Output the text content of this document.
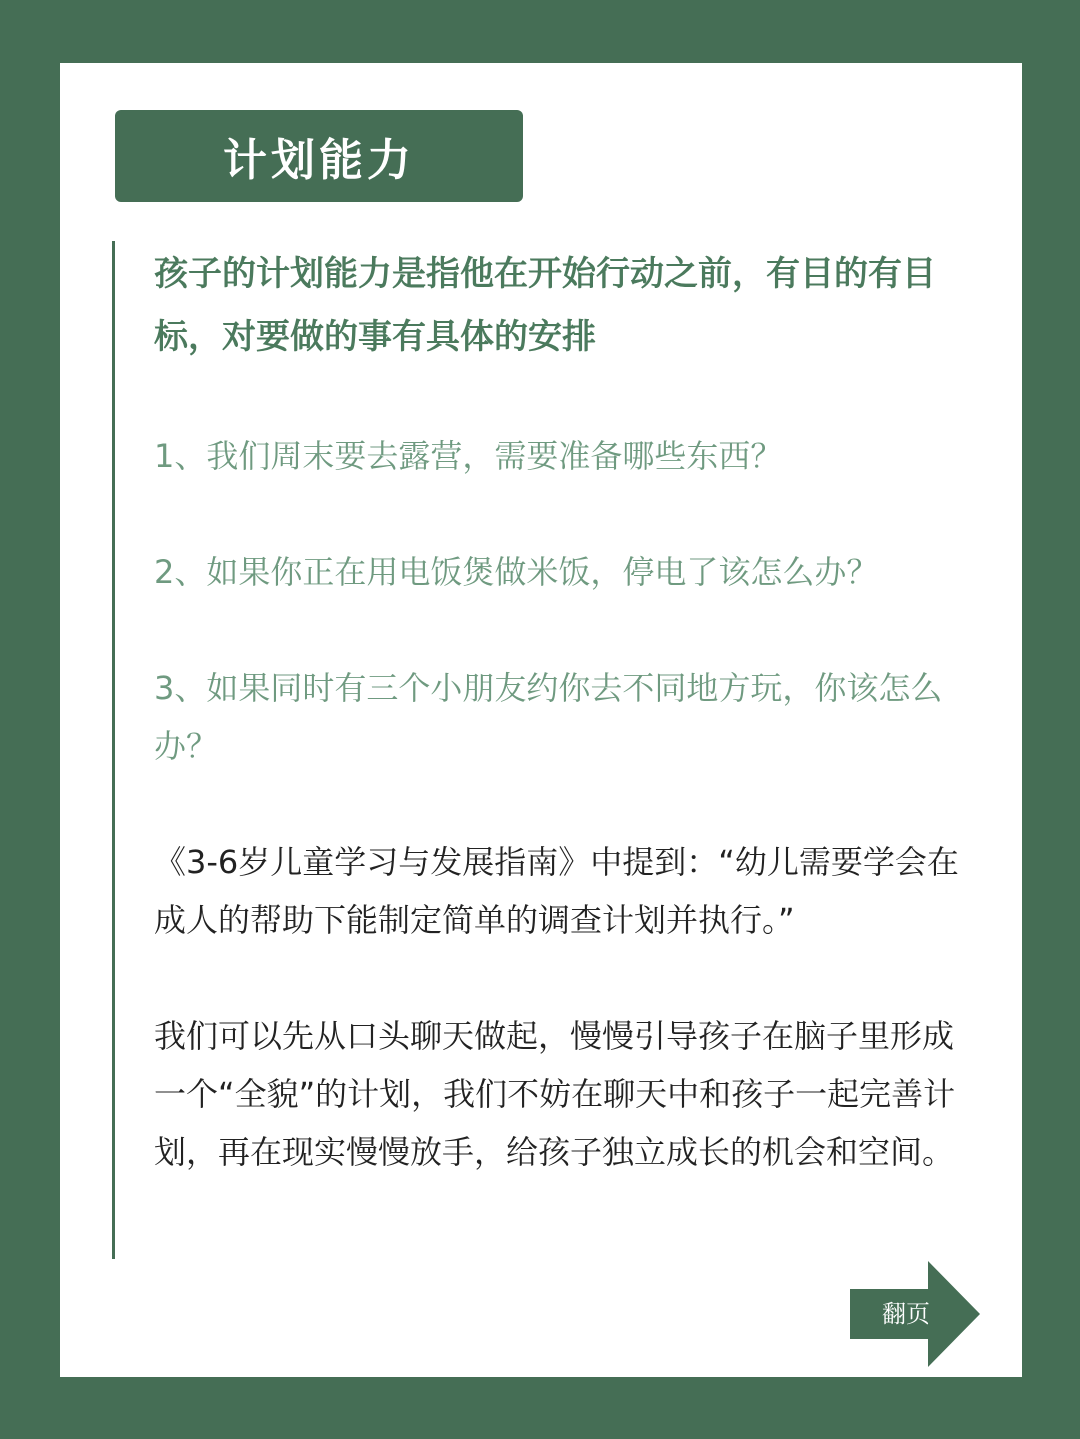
计划能力

孩子的计划能力是指他在开始行动之前，有目的有目标，对要做的事有具体的安排

1、我们周末要去露营，需要准备哪些东西？

2、如果你正在用电饭煲做米饭，停电了该怎么办？

3、如果同时有三个小朋友约你去不同地方玩，你该怎么办？

《3-6岁儿童学习与发展指南》中提到：“幼儿需要学会在成人的帮助下能制定简单的调查计划并执行。”

我们可以先从口头聊天做起，慢慢引导孩子在脑子里形成一个“全貌”的计划，我们不妨在聊天中和孩子一起完善计划，再在现实慢慢放手，给孩子独立成长的机会和空间。

翻页
